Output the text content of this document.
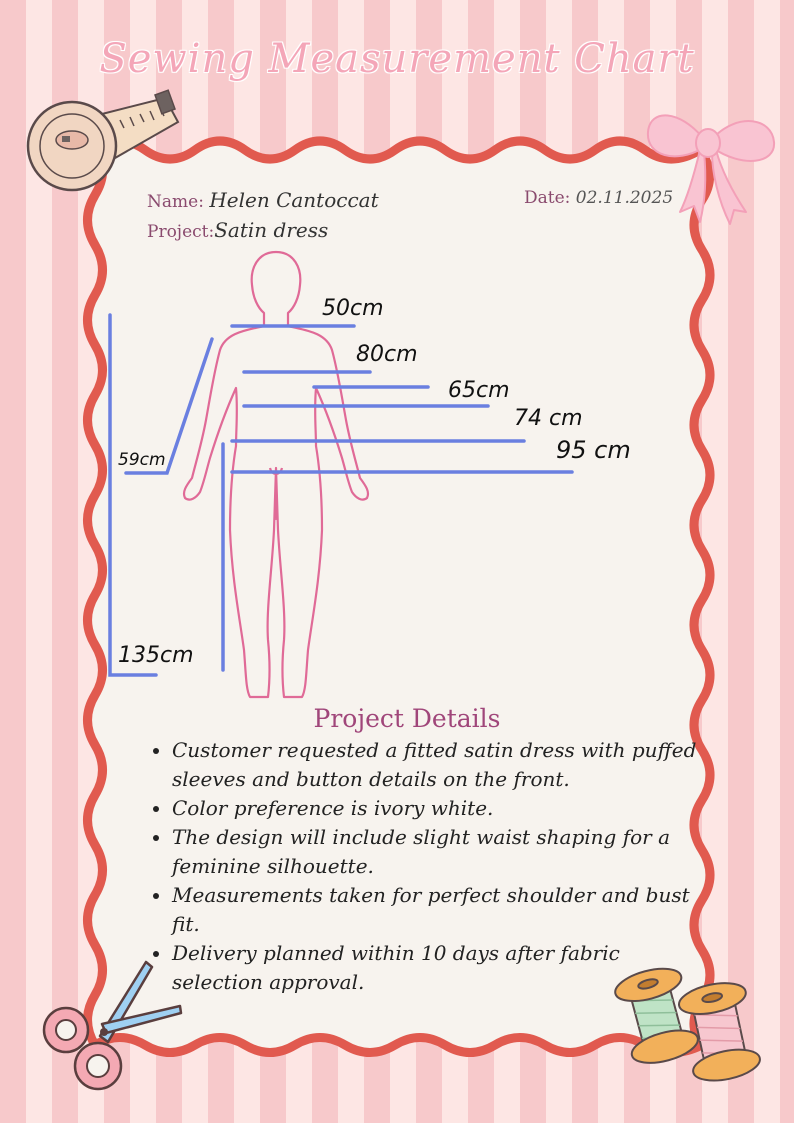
Sewing Measurement Chart
Name: Helen Cantoccat	Date: 02.11.2025
Project:Satin dress
50cm
80cm
65cm
74 cm
95 cm
59cm
135cm
Project Details
• Customer requested a fitted satin dress with puffed sleeves and button details on the front.
• Color preference is ivory white.
• The design will include slight waist shaping for a feminine silhouette.
• Measurements taken for perfect shoulder and bust fit.
• Delivery planned within 10 days after fabric selection approval.
